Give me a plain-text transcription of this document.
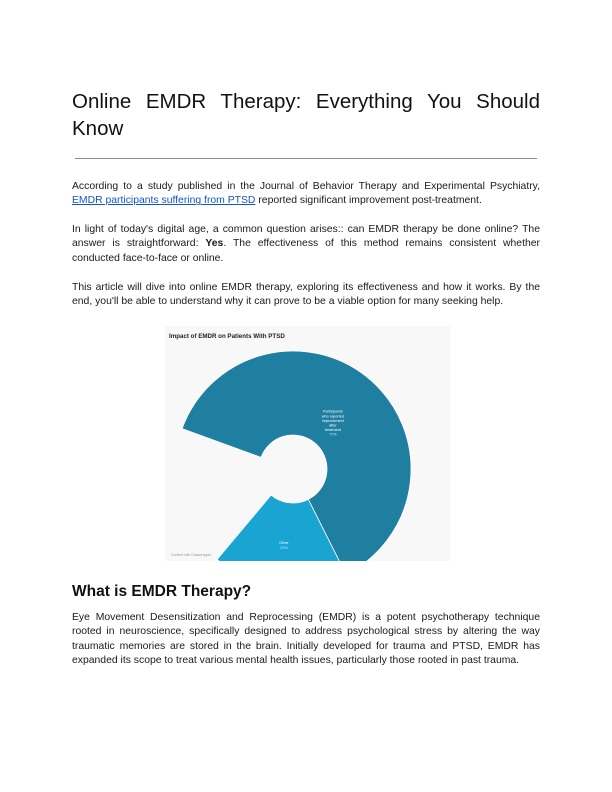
Online EMDR Therapy: Everything You Should Know

According to a study published in the Journal of Behavior Therapy and Experimental Psychiatry, EMDR participants suffering from PTSD reported significant improvement post-treatment.

In light of today's digital age, a common question arises:: can EMDR therapy be done online? The answer is straightforward: Yes. The effectiveness of this method remains consistent whether conducted face-to-face or online.

This article will dive into online EMDR therapy, exploring its effectiveness and how it works. By the end, you'll be able to understand why it can prove to be a viable option for many seeking help.

Impact of EMDR on Patients With PTSD
Participants who reported improvement after treatment 77%
Other 23%
Content with Datawrapper
What is EMDR Therapy?

Eye Movement Desensitization and Reprocessing (EMDR) is a potent psychotherapy technique rooted in neuroscience, specifically designed to address psychological stress by altering the way traumatic memories are stored in the brain. Initially developed for trauma and PTSD, EMDR has expanded its scope to treat various mental health issues, particularly those rooted in past trauma.
